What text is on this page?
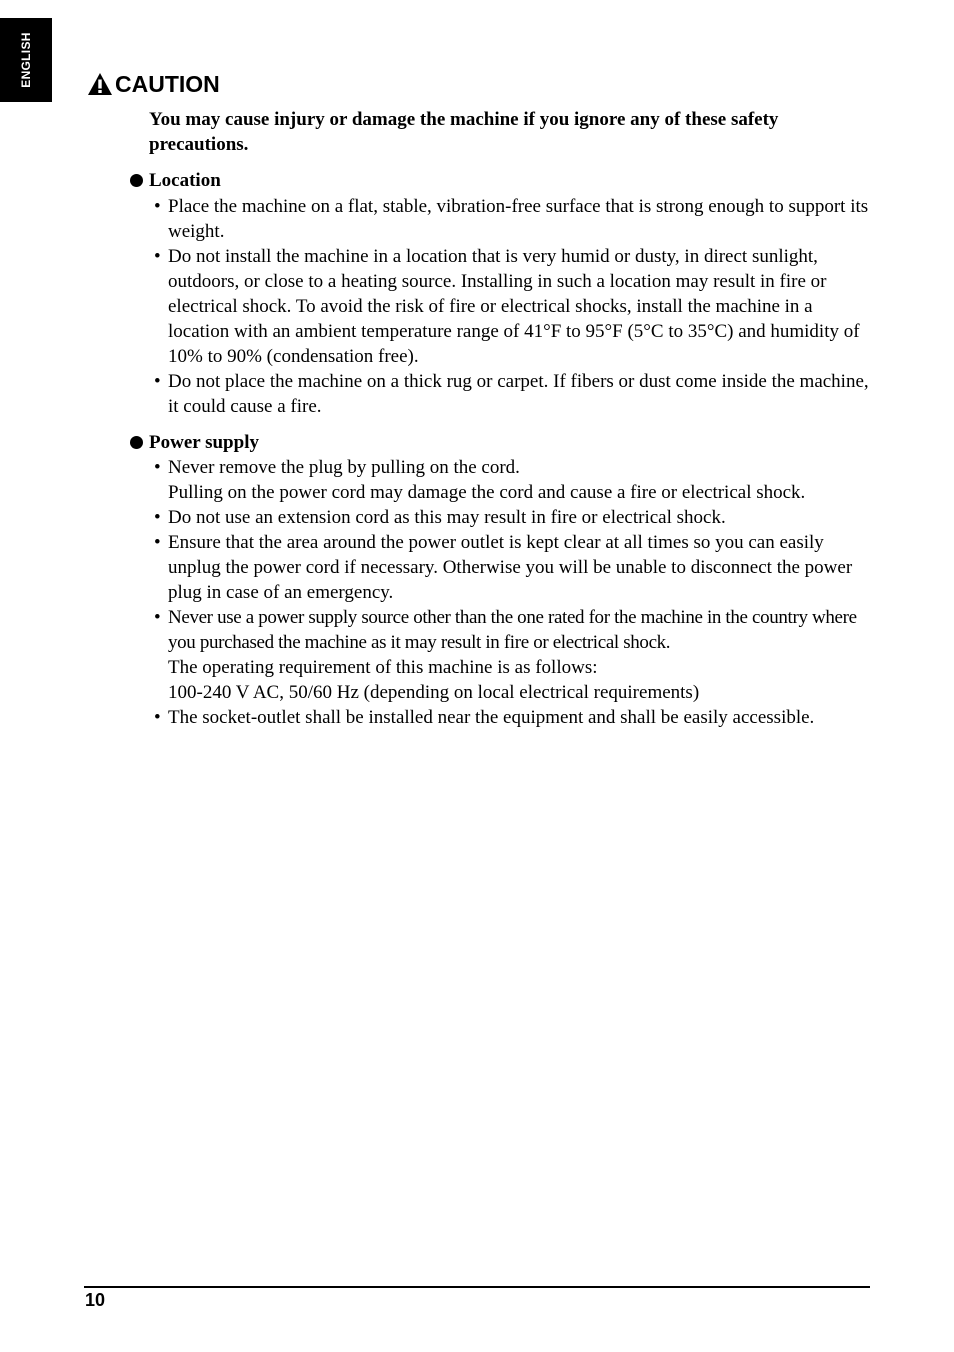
ENGLISH	CAUTION

You may cause injury or damage the machine if you ignore any of these safety precautions.

Location
• Place the machine on a flat, stable, vibration-free surface that is strong enough to support its weight.

• Do not install the machine in a location that is very humid or dusty, in direct sunlight, outdoors, or close to a heating source. Installing in such a location may result in fire or electrical shock. To avoid the risk of fire or electrical shocks, install the machine in a location with an ambient temperature range of 41°F to 95°F (5°C to 35°C) and humidity of 10% to 90% (condensation free).

• Do not place the machine on a thick rug or carpet. If fibers or dust come inside the machine, it could cause a fire.

Power supply
• Never remove the plug by pulling on the cord.

Pulling on the power cord may damage the cord and cause a fire or electrical shock.

• Do not use an extension cord as this may result in fire or electrical shock.

• Ensure that the area around the power outlet is kept clear at all times so you can easily unplug the power cord if necessary. Otherwise you will be unable to disconnect the power plug in case of an emergency.

• Never use a power supply source other than the one rated for the machine in the country where you purchased the machine as it may result in fire or electrical shock.

The operating requirement of this machine is as follows:

100-240 V AC, 50/60 Hz (depending on local electrical requirements)

• The socket-outlet shall be installed near the equipment and shall be easily accessible.

10
